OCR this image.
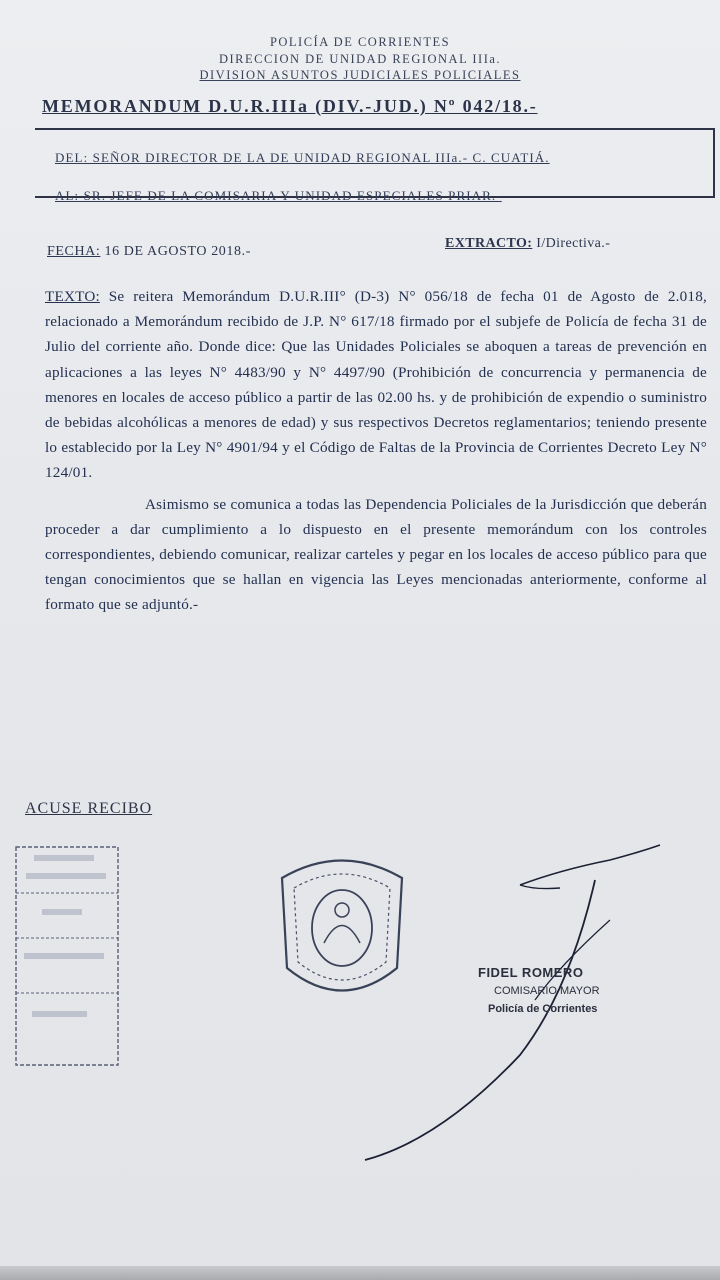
POLICÍA DE CORRIENTES
DIRECCION DE UNIDAD REGIONAL IIIa.
DIVISION ASUNTOS JUDICIALES POLICIALES
MEMORANDUM D.U.R.IIIa (DIV.-JUD.) Nº 042/18.-
DEL: SEÑOR DIRECTOR DE LA DE UNIDAD REGIONAL IIIa.- C. CUATIÁ.
AL: SR. JEFE DE LA COMISARIA Y UNIDAD ESPECIALES PRIAR.-
FECHA: 16 DE AGOSTO 2018.-
EXTRACTO: I/Directiva.-

TEXTO: Se reitera Memorándum D.U.R.III° (D-3) N° 056/18 de fecha 01 de Agosto de 2.018, relacionado a Memorándum recibido de J.P. N° 617/18 firmado por el subjefe de Policía de fecha 31 de Julio del corriente año. Donde dice: Que las Unidades Policiales se aboquen a tareas de prevención en aplicaciones a las leyes N° 4483/90 y N° 4497/90 (Prohibición de concurrencia y permanencia de menores en locales de acceso público a partir de las 02.00 hs. y de prohibición de expendio o suministro de bebidas alcohólicas a menores de edad) y sus respectivos Decretos reglamentarios; teniendo presente lo establecido por la Ley N° 4901/94 y el Código de Faltas de la Provincia de Corrientes Decreto Ley N° 124/01.

Asimismo se comunica a todas las Dependencia Policiales de la Jurisdicción que deberán proceder a dar cumplimiento a lo dispuesto en el presente memorándum con los controles correspondientes, debiendo comunicar, realizar carteles y pegar en los locales de acceso público para que tengan conocimientos que se hallan en vigencia las Leyes mencionadas anteriormente, conforme al formato que se adjuntó.-

ACUSE RECIBO
FIDEL ROMERO
COMISARIO MAYOR
Policía de Corrientes
